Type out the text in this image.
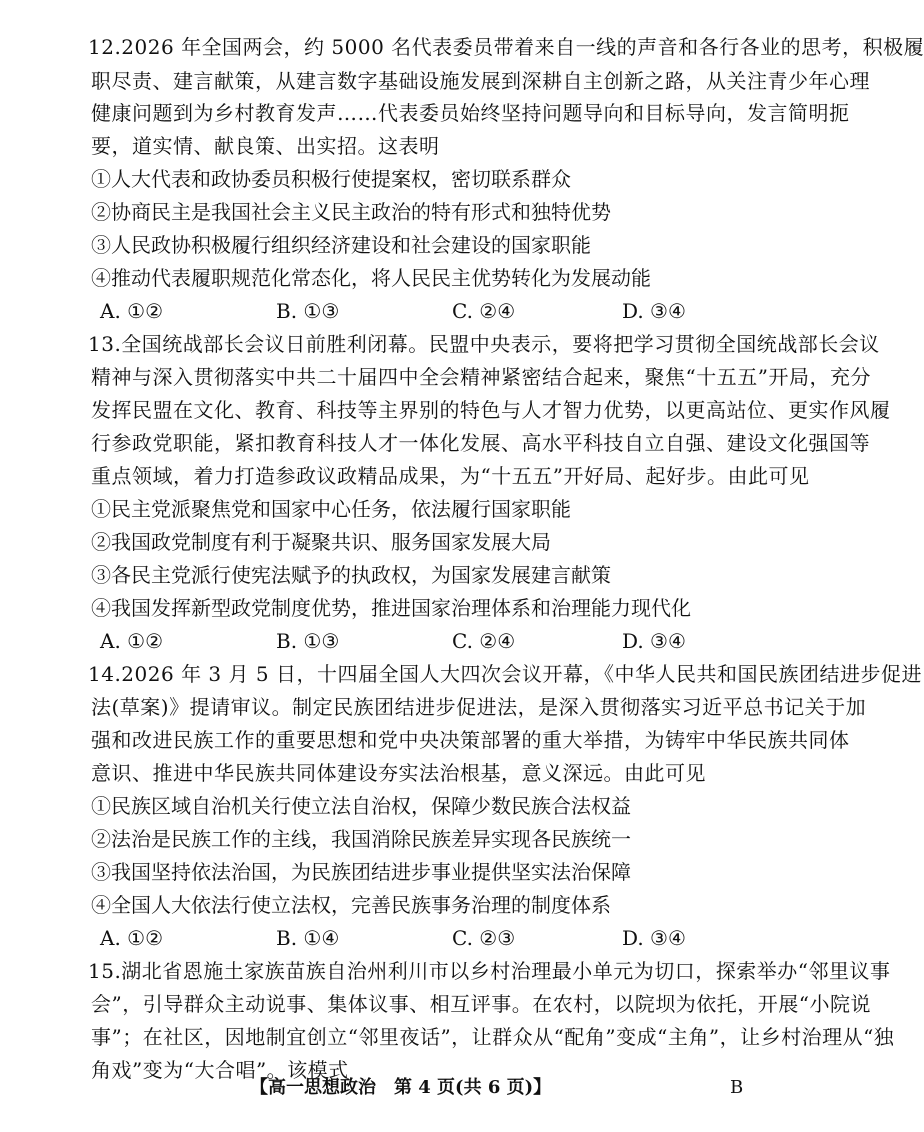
12.2026 年全国两会，约 5000 名代表委员带着来自一线的声音和各行各业的思考，积极履
职尽责、建言献策，从建言数字基础设施发展到深耕自主创新之路，从关注青少年心理
健康问题到为乡村教育发声……代表委员始终坚持问题导向和目标导向，发言简明扼
要，道实情、献良策、出实招。这表明
①人大代表和政协委员积极行使提案权，密切联系群众
②协商民主是我国社会主义民主政治的特有形式和独特优势
③人民政协积极履行组织经济建设和社会建设的国家职能
④推动代表履职规范化常态化，将人民民主优势转化为发展动能
A. ①②	B. ①③	C. ②④	D. ③④
13.全国统战部长会议日前胜利闭幕。民盟中央表示，要将把学习贯彻全国统战部长会议
精神与深入贯彻落实中共二十届四中全会精神紧密结合起来，聚焦“十五五”开局，充分
发挥民盟在文化、教育、科技等主界别的特色与人才智力优势，以更高站位、更实作风履
行参政党职能，紧扣教育科技人才一体化发展、高水平科技自立自强、建设文化强国等
重点领域，着力打造参政议政精品成果，为“十五五”开好局、起好步。由此可见
①民主党派聚焦党和国家中心任务，依法履行国家职能
②我国政党制度有利于凝聚共识、服务国家发展大局
③各民主党派行使宪法赋予的执政权，为国家发展建言献策
④我国发挥新型政党制度优势，推进国家治理体系和治理能力现代化
A. ①②	B. ①③	C. ②④	D. ③④
14.2026 年 3 月 5 日，十四届全国人大四次会议开幕，《中华人民共和国民族团结进步促进
法(草案)》提请审议。制定民族团结进步促进法，是深入贯彻落实习近平总书记关于加
强和改进民族工作的重要思想和党中央决策部署的重大举措，为铸牢中华民族共同体
意识、推进中华民族共同体建设夯实法治根基，意义深远。由此可见
①民族区域自治机关行使立法自治权，保障少数民族合法权益
②法治是民族工作的主线，我国消除民族差异实现各民族统一
③我国坚持依法治国，为民族团结进步事业提供坚实法治保障
④全国人大依法行使立法权，完善民族事务治理的制度体系
A. ①②	B. ①④	C. ②③	D. ③④
15.湖北省恩施土家族苗族自治州利川市以乡村治理最小单元为切口，探索举办“邻里议事
会”，引导群众主动说事、集体议事、相互评事。在农村，以院坝为依托，开展“小院说
事”；在社区，因地制宜创立“邻里夜话”，让群众从“配角”变成“主角”，让乡村治理从“独
角戏”变为“大合唱”。该模式
【高一思想政治　第 4 页(共 6 页)】	B
